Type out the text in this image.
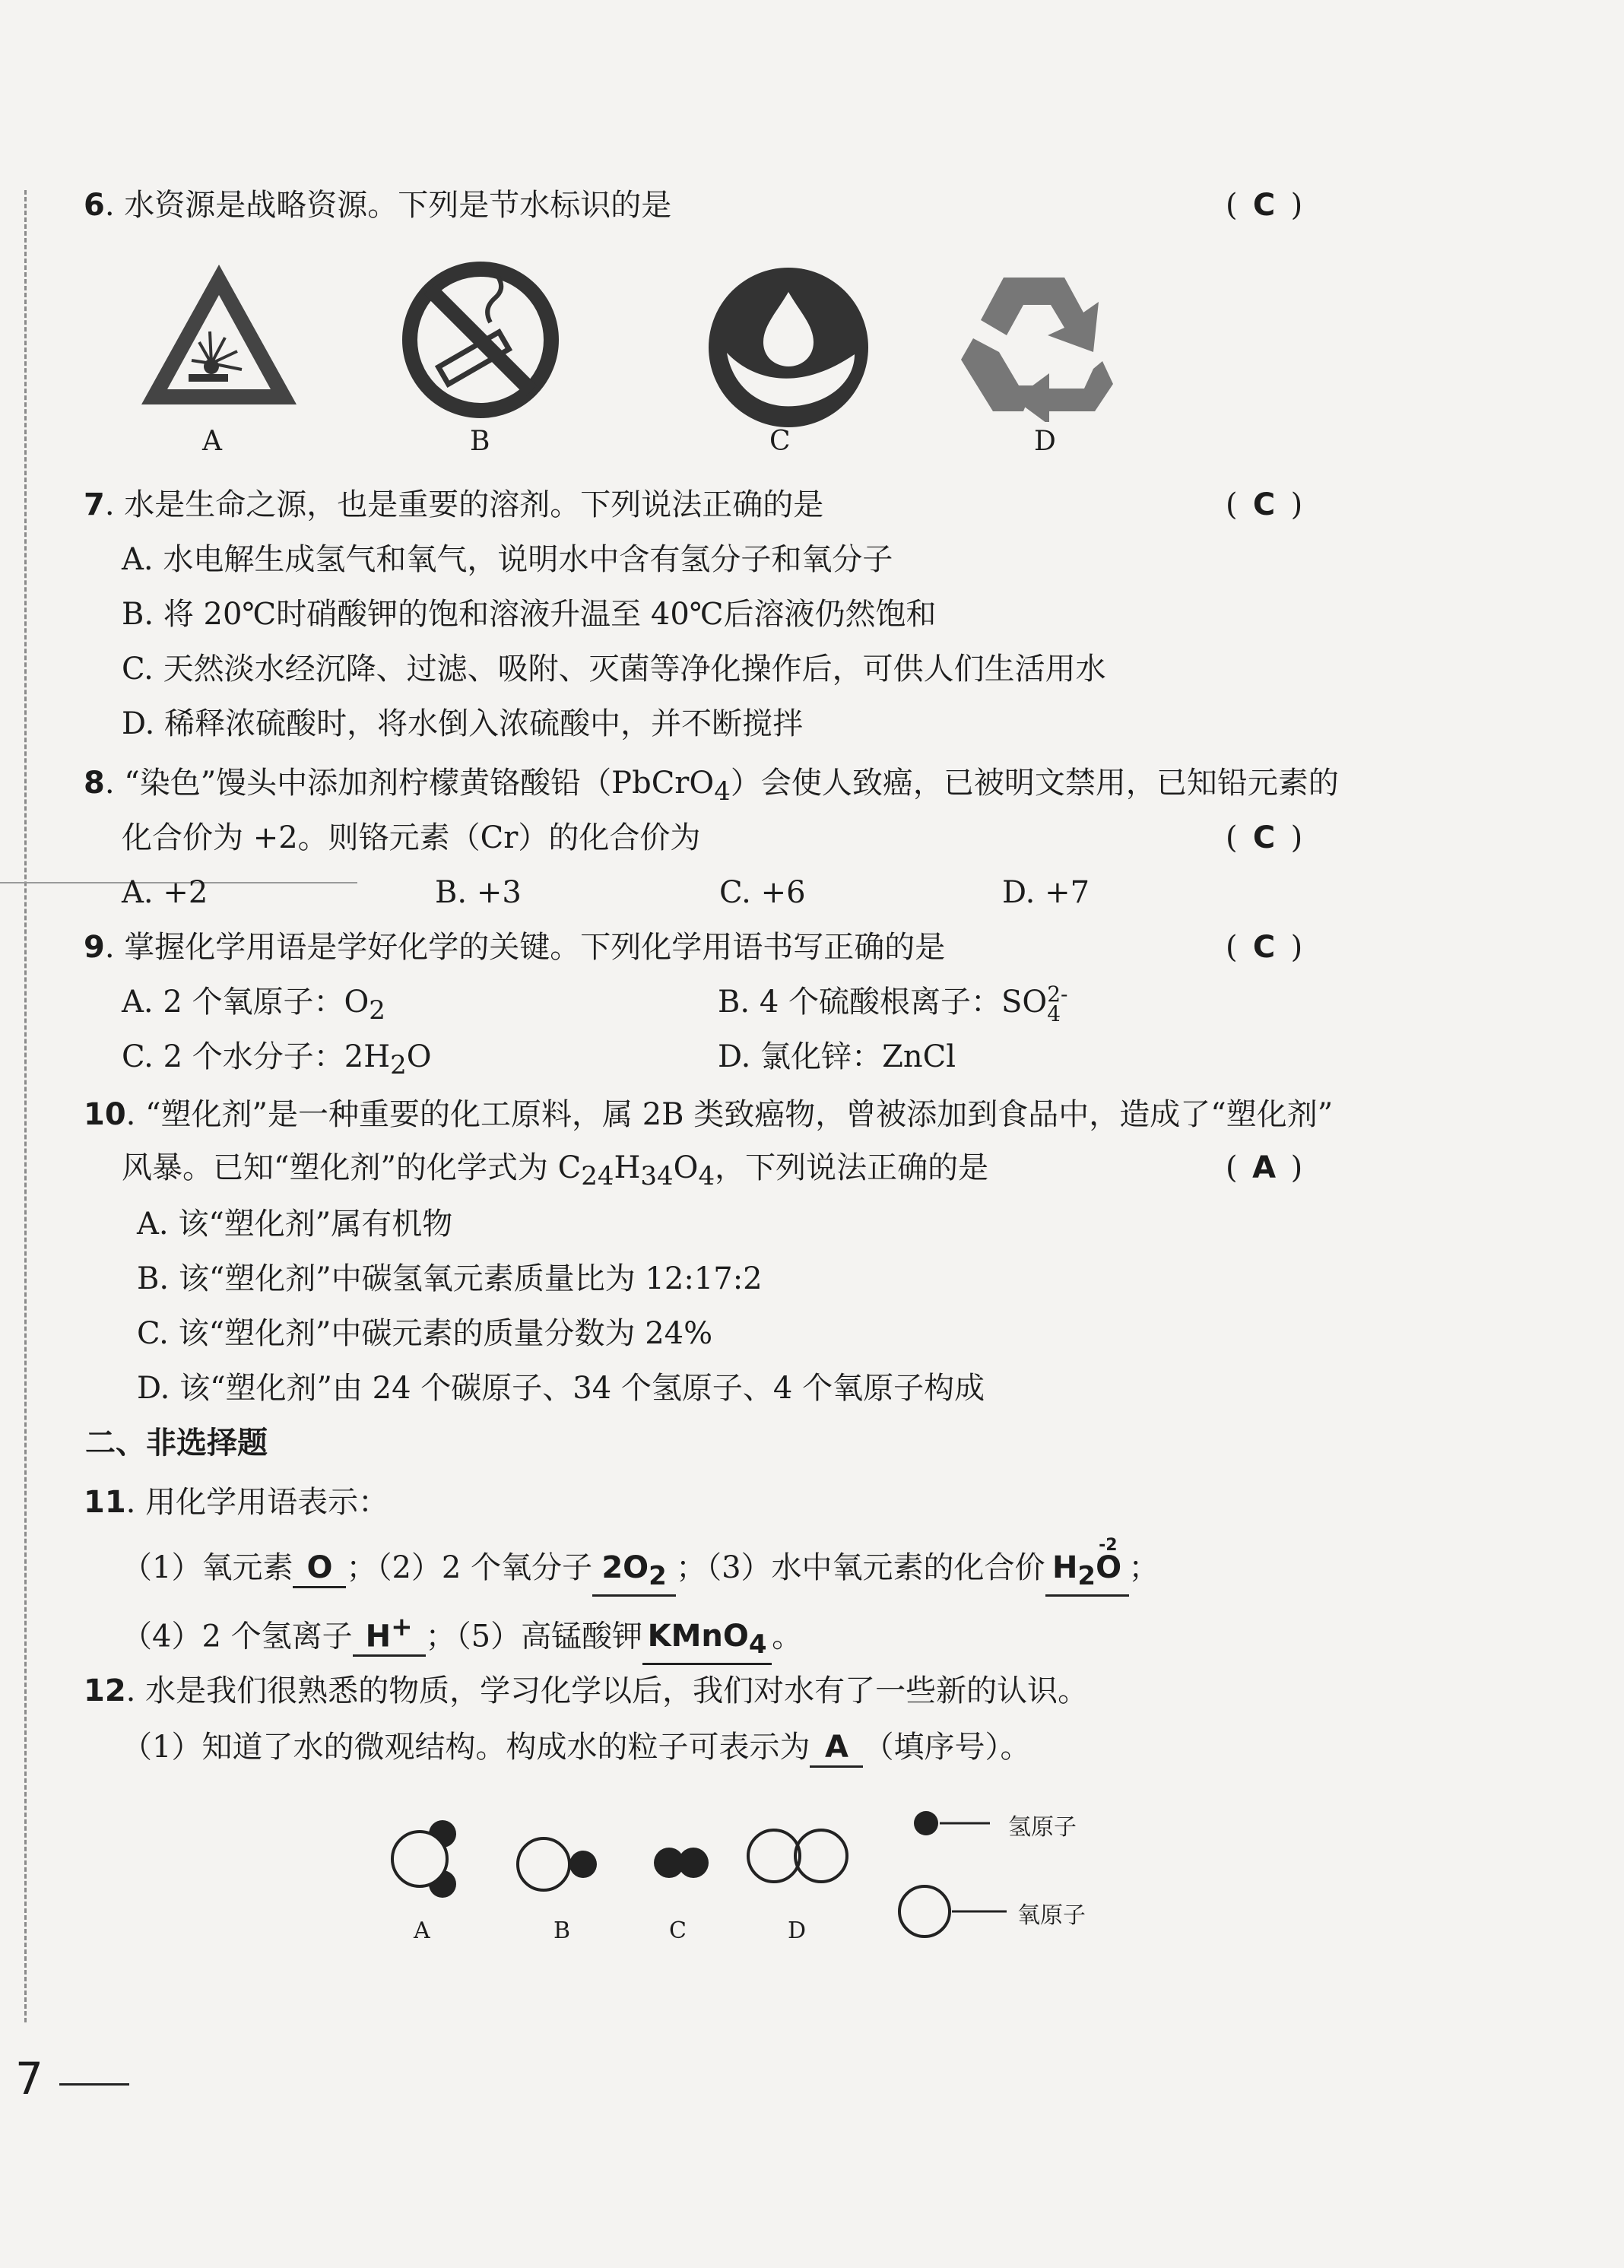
6. 水资源是战略资源。下列是节水标识的是	( C )
A	B	C	D
7. 水是生命之源，也是重要的溶剂。下列说法正确的是	( C )
A. 水电解生成氢气和氧气，说明水中含有氢分子和氧分子
B. 将 20℃时硝酸钾的饱和溶液升温至 40℃后溶液仍然饱和
C. 天然淡水经沉降、过滤、吸附、灭菌等净化操作后，可供人们生活用水
D. 稀释浓硫酸时，将水倒入浓硫酸中，并不断搅拌
8. “染色”馒头中添加剂柠檬黄铬酸铅（PbCrO$_4$）会使人致癌，已被明文禁用，已知铅元素的
化合价为 +2。则铬元素（Cr）的化合价为	( C )
A. +2	B. +3	C. +6	D. +7
9. 掌握化学用语是学好化学的关键。下列化学用语书写正确的是	( C )
A. 2 个氧原子：$O_2$	B. 4 个硫酸根离子：SO 2-
4
C. 2 个水分子：$2H_2O$	D. 氯化锌：ZnCl
10. “塑化剂”是一种重要的化工原料，属 2B 类致癌物，曾被添加到食品中，造成了“塑化剂”
风暴。已知“塑化剂”的化学式为 $C_{24}H_{34}O_4$，下列说法正确的是	( A )
A. 该“塑化剂”属有机物
B. 该“塑化剂”中碳氢氧元素质量比为 12:17:2
C. 该“塑化剂”中碳元素的质量分数为 24%
D. 该“塑化剂”由 24 个碳原子、34 个氢原子、4 个氧原子构成
二、非选择题
11. 用化学用语表示：
（1）氧元素 O ；（2）2 个氧分子 $2O_2$ ；（3）水中氧元素的化合价 $H_2O$
-2
；
（4）2 个氢离子 H+ ；（5）高锰酸钾 KMnO$_4$ 。
12. 水是我们很熟悉的物质，学习化学以后，我们对水有了一些新的认识。
（1）知道了水的微观结构。构成水的粒子可表示为 A （填序号）。
A	B	C	D
氢原子
氧原子
7
